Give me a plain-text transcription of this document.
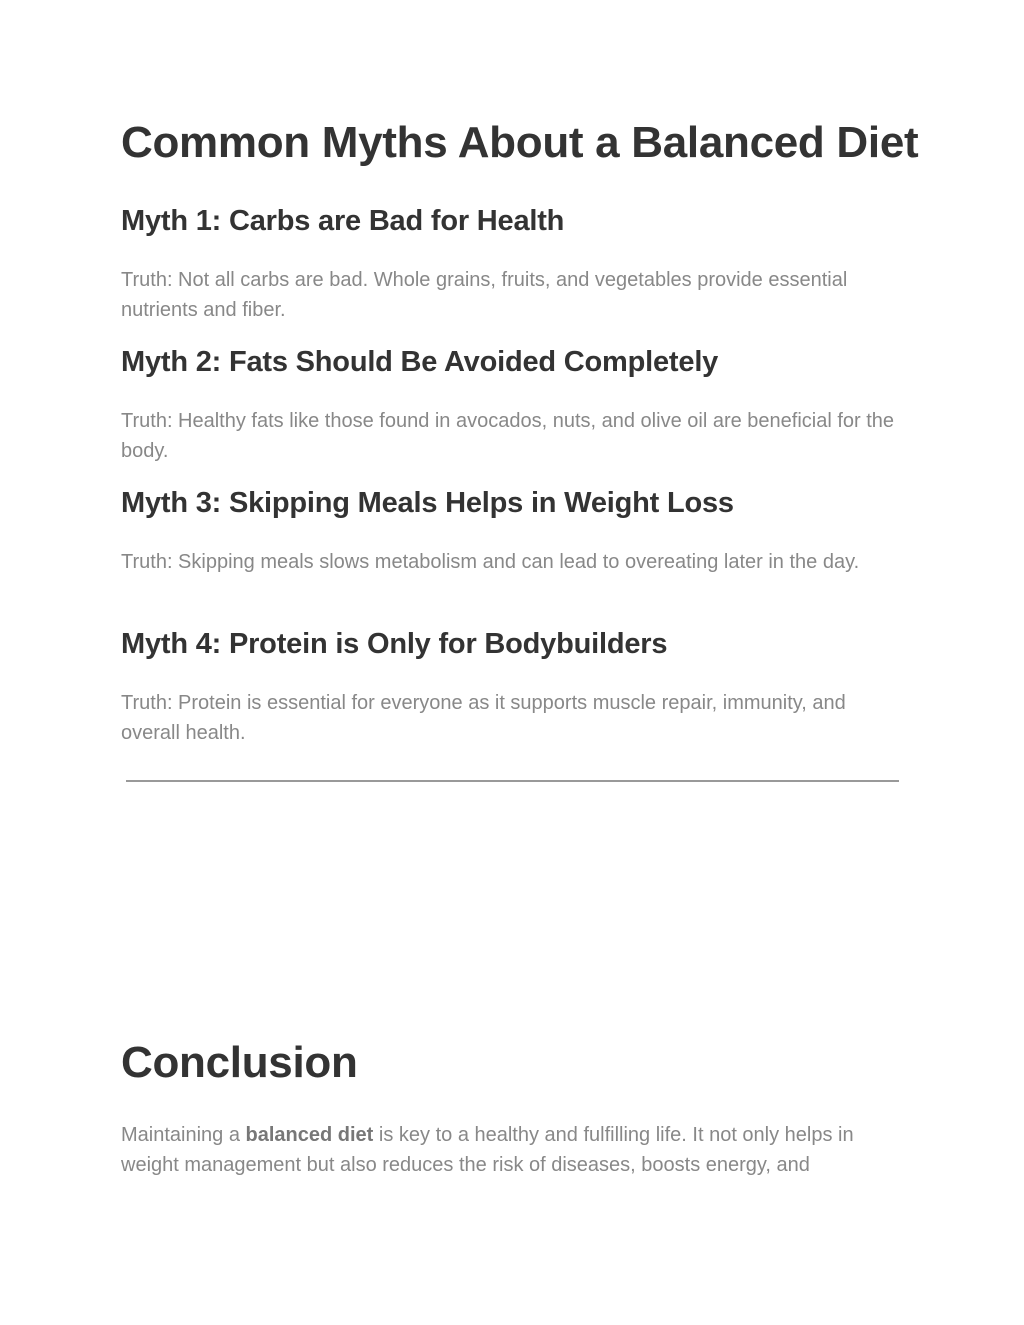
Common Myths About a Balanced Diet
Myth 1: Carbs are Bad for Health

Truth: Not all carbs are bad. Whole grains, fruits, and vegetables provide essential nutrients and fiber.

Myth 2: Fats Should Be Avoided Completely

Truth: Healthy fats like those found in avocados, nuts, and olive oil are beneficial for the body.

Myth 3: Skipping Meals Helps in Weight Loss

Truth: Skipping meals slows metabolism and can lead to overeating later in the day.

Myth 4: Protein is Only for Bodybuilders

Truth: Protein is essential for everyone as it supports muscle repair, immunity, and overall health.

Conclusion

Maintaining a balanced diet is key to a healthy and fulfilling life. It not only helps in weight management but also reduces the risk of diseases, boosts energy, and
